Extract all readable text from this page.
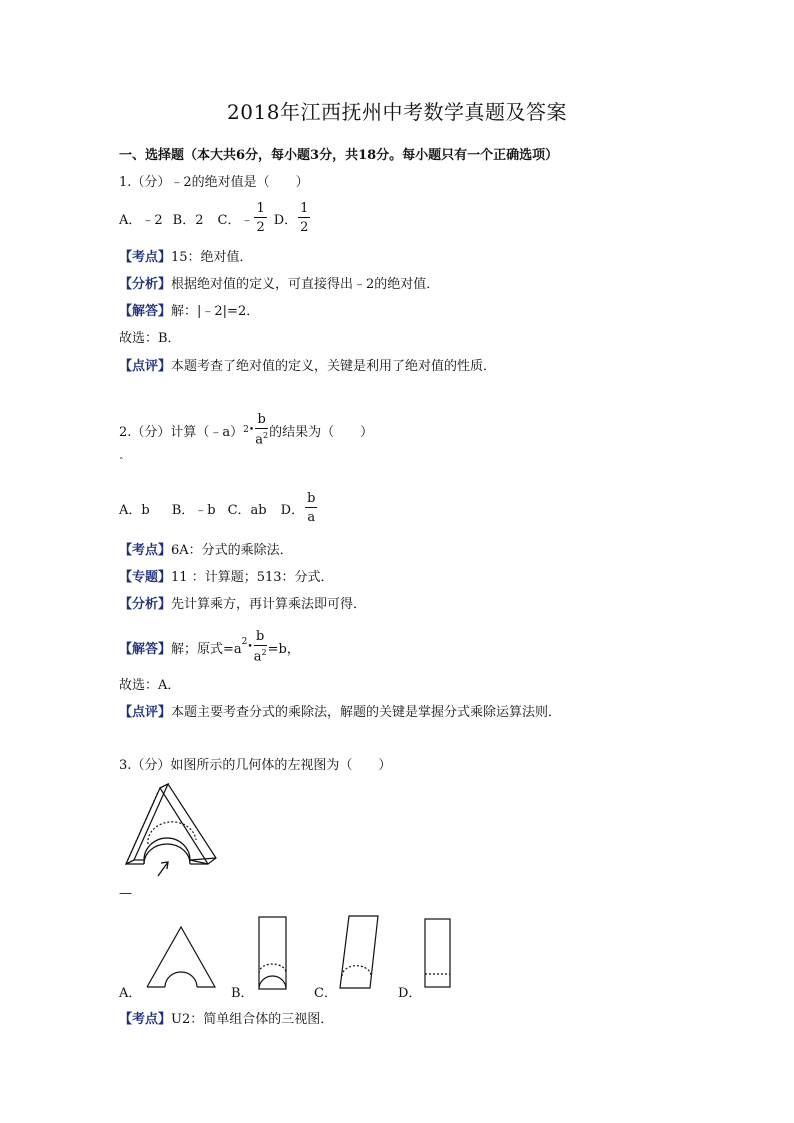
2018年江西抚州中考数学真题及答案
一、选择题（本大共6分，每小题3分，共18分。每小题只有一个正确选项）
1.（分）﹣2的绝对值是（　　）
A．﹣2 B．2 C．﹣ $\frac{1}{2}$ D． $\frac{1}{2}$
【考点】15：绝对值．
【分析】根据绝对值的定义，可直接得出﹣2的绝对值．
【解答】解：|﹣2|=2．
故选：B．
【点评】本题考查了绝对值的定义，关键是利用了绝对值的性质．
2.（分）计算（﹣a） 2 • $\frac{b}{a^2}$ 的结果为（　　）
ˆ
A．b B．﹣b C．ab D． $\frac{b}{a}$
【考点】6A：分式的乘除法．
【专题】11 ：计算题；513：分式．
【分析】先计算乘方，再计算乘法即可得．
【解答】 解；原式=a 2 • $\frac{b}{a^2} =b$，
故选：A．
【点评】本题主要考查分式的乘除法，解题的关键是掌握分式乘除运算法则．
3.（分）如图所示的几何体的左视图为（　　）
—
A．	B．	C．	D．
【考点】U2：简单组合体的三视图．
